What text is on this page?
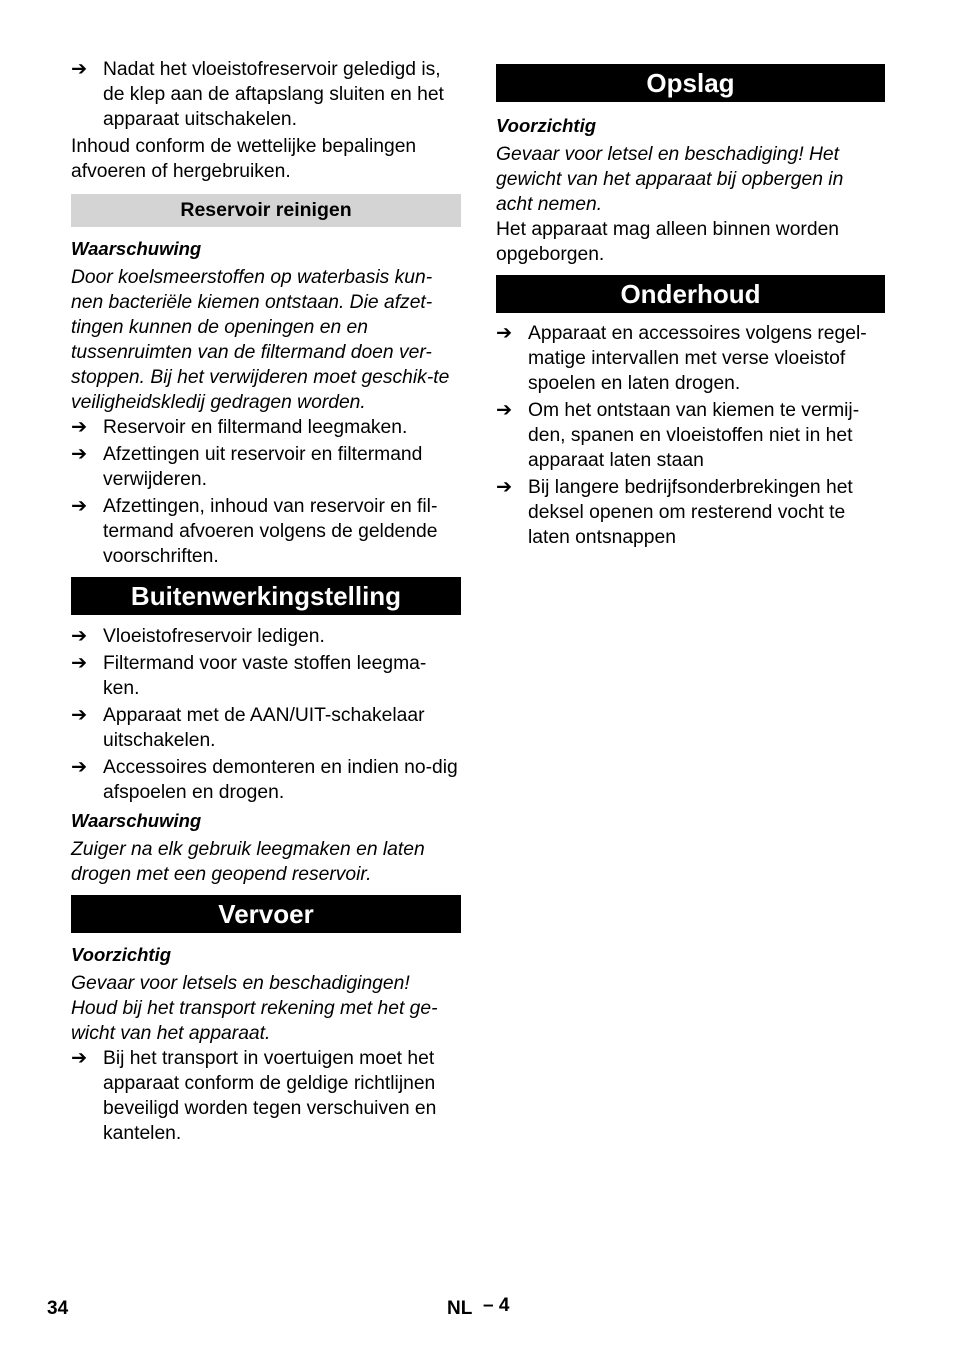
➔ Nadat het vloeistofreservoir geledigd is, de klep aan de aftapslang sluiten en het apparaat uitschakelen.

Inhoud conform de wettelijke bepalingen afvoeren of hergebruiken.

Reservoir reinigen

Waarschuwing

Door koelsmeerstoffen op waterbasis kun-nen bacteriële kiemen ontstaan. Die afzet-tingen kunnen de openingen en en tussenruimten van de filtermand doen ver-stoppen. Bij het verwijderen moet geschik-te veiligheidskledij gedragen worden.

➔ Reservoir en filtermand leegmaken.

➔ Afzettingen uit reservoir en filtermand verwijderen.

➔ Afzettingen, inhoud van reservoir en fil-termand afvoeren volgens de geldende voorschriften.

Buitenwerkingstelling
➔ Vloeistofreservoir ledigen.

➔ Filtermand voor vaste stoffen leegma-ken.

➔ Apparaat met de AAN/UIT-schakelaar uitschakelen.

➔ Accessoires demonteren en indien no-dig afspoelen en drogen.

Waarschuwing

Zuiger na elk gebruik leegmaken en laten drogen met een geopend reservoir.

Vervoer

Voorzichtig

Gevaar voor letsels en beschadigingen! Houd bij het transport rekening met het ge-wicht van het apparaat.

➔ Bij het transport in voertuigen moet het apparaat conform de geldige richtlijnen beveiligd worden tegen verschuiven en kantelen.

Opslag

Voorzichtig

Gevaar voor letsel en beschadiging! Het gewicht van het apparaat bij opbergen in acht nemen.

Het apparaat mag alleen binnen worden opgeborgen.

Onderhoud
➔ Apparaat en accessoires volgens regel-matige intervallen met verse vloeistof spoelen en laten drogen.

➔ Om het ontstaan van kiemen te vermij-den, spanen en vloeistoffen niet in het apparaat laten staan

➔ Bij langere bedrijfsonderbrekingen het deksel openen om resterend vocht te laten ontsnappen

34	NL – 4
